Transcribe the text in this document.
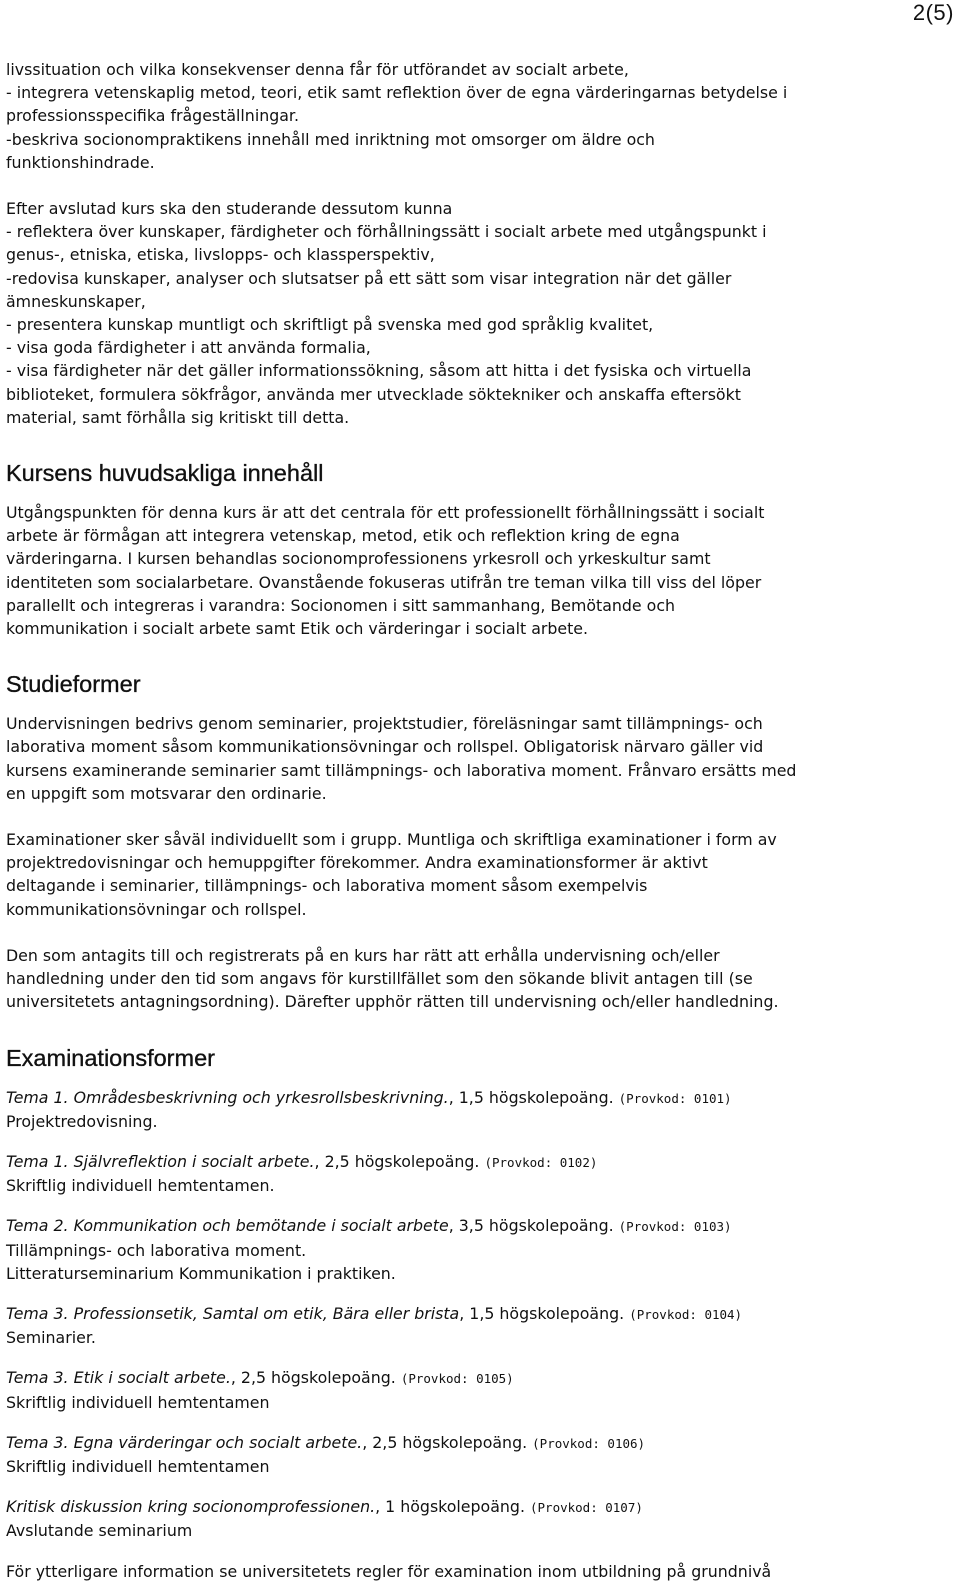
2(5)
livssituation och vilka konsekvenser denna får för utförandet av socialt arbete,
- integrera vetenskaplig metod, teori, etik samt reflektion över de egna värderingarnas betydelse i
professionsspecifika frågeställningar.
-beskriva socionompraktikens innehåll med inriktning mot omsorger om äldre och
funktionshindrade.
Efter avslutad kurs ska den studerande dessutom kunna
- reflektera över kunskaper, färdigheter och förhållningssätt i socialt arbete med utgångspunkt i
genus-, etniska, etiska, livslopps- och klassperspektiv,
-redovisa kunskaper, analyser och slutsatser på ett sätt som visar integration när det gäller
ämneskunskaper,
- presentera kunskap muntligt och skriftligt på svenska med god språklig kvalitet,
- visa goda färdigheter i att använda formalia,
- visa färdigheter när det gäller informationssökning, såsom att hitta i det fysiska och virtuella
biblioteket, formulera sökfrågor, använda mer utvecklade söktekniker och anskaffa eftersökt
material, samt förhålla sig kritiskt till detta.
Kursens huvudsakliga innehåll
Utgångspunkten för denna kurs är att det centrala för ett professionellt förhållningssätt i socialt
arbete är förmågan att integrera vetenskap, metod, etik och reflektion kring de egna
värderingarna. I kursen behandlas socionomprofessionens yrkesroll och yrkeskultur samt
identiteten som socialarbetare. Ovanstående fokuseras utifrån tre teman vilka till viss del löper
parallellt och integreras i varandra: Socionomen i sitt sammanhang, Bemötande och
kommunikation i socialt arbete samt Etik och värderingar i socialt arbete.
Studieformer
Undervisningen bedrivs genom seminarier, projektstudier, föreläsningar samt tillämpnings- och
laborativa moment såsom kommunikationsövningar och rollspel. Obligatorisk närvaro gäller vid
kursens examinerande seminarier samt tillämpnings- och laborativa moment. Frånvaro ersätts med
en uppgift som motsvarar den ordinarie.
Examinationer sker såväl individuellt som i grupp. Muntliga och skriftliga examinationer i form av
projektredovisningar och hemuppgifter förekommer. Andra examinationsformer är aktivt
deltagande i seminarier, tillämpnings- och laborativa moment såsom exempelvis
kommunikationsövningar och rollspel.
Den som antagits till och registrerats på en kurs har rätt att erhålla undervisning och/eller
handledning under den tid som angavs för kurstillfället som den sökande blivit antagen till (se
universitetets antagningsordning). Därefter upphör rätten till undervisning och/eller handledning.
Examinationsformer
Tema 1. Områdesbeskrivning och yrkesrollsbeskrivning., 1,5 högskolepoäng. (Provkod: 0101)
Projektredovisning.
Tema 1. Självreflektion i socialt arbete., 2,5 högskolepoäng. (Provkod: 0102)
Skriftlig individuell hemtentamen.
Tema 2. Kommunikation och bemötande i socialt arbete, 3,5 högskolepoäng. (Provkod: 0103)
Tillämpnings- och laborativa moment.
Litteraturseminarium Kommunikation i praktiken.
Tema 3. Professionsetik, Samtal om etik, Bära eller brista, 1,5 högskolepoäng. (Provkod: 0104)
Seminarier.
Tema 3. Etik i socialt arbete., 2,5 högskolepoäng. (Provkod: 0105)
Skriftlig individuell hemtentamen
Tema 3. Egna värderingar och socialt arbete., 2,5 högskolepoäng. (Provkod: 0106)
Skriftlig individuell hemtentamen
Kritisk diskussion kring socionomprofessionen., 1 högskolepoäng. (Provkod: 0107)
Avslutande seminarium
För ytterligare information se universitetets regler för examination inom utbildning på grundnivå
